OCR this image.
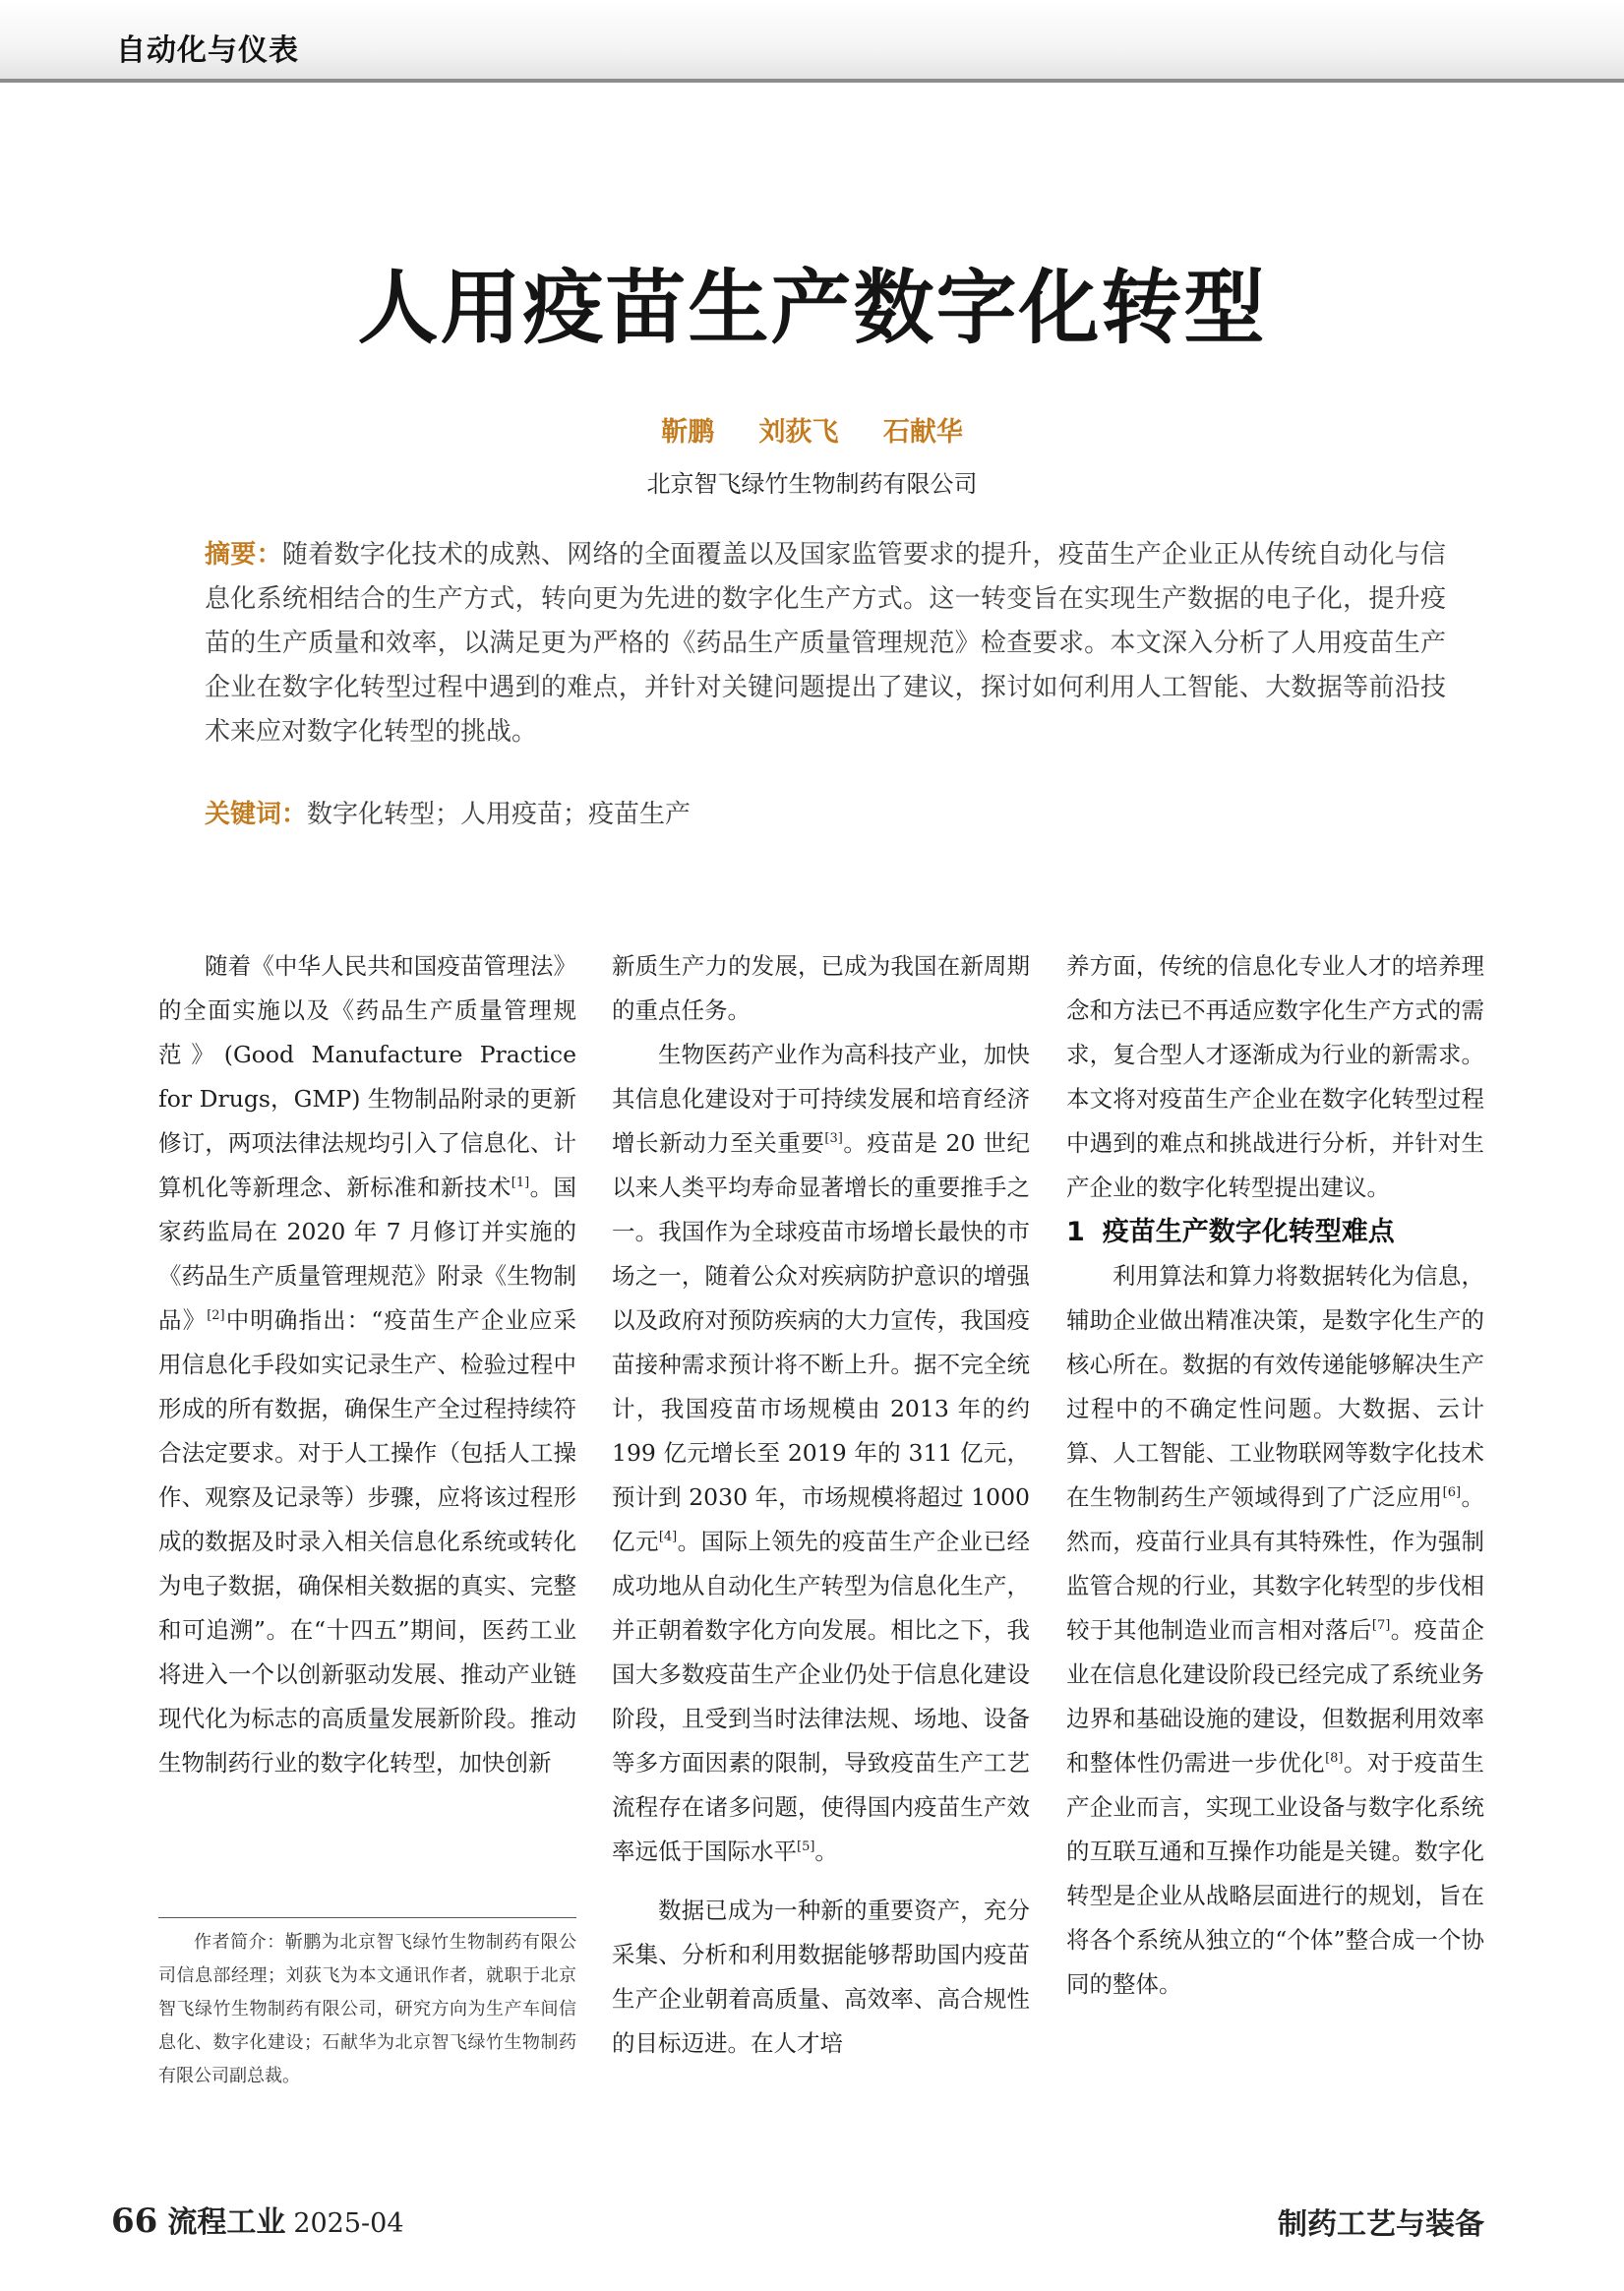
自动化与仪表
人用疫苗生产数字化转型
靳鹏 刘荻飞 石献华
北京智飞绿竹生物制药有限公司
摘要：随着数字化技术的成熟、网络的全面覆盖以及国家监管要求的提升，疫苗生产企业正从传统自动化与信息化系统相结合的生产方式，转向更为先进的数字化生产方式。这一转变旨在实现生产数据的电子化，提升疫苗的生产质量和效率，以满足更为严格的《药品生产质量管理规范》检查要求。本文深入分析了人用疫苗生产企业在数字化转型过程中遇到的难点，并针对关键问题提出了建议，探讨如何利用人工智能、大数据等前沿技术来应对数字化转型的挑战。
关键词：数字化转型；人用疫苗；疫苗生产

随着《中华人民共和国疫苗管理法》的全面实施以及《药品生产质量管理规范》(Good Manufacture Practice for Drugs，GMP) 生物制品附录的更新修订，两项法律法规均引入了信息化、计算机化等新理念、新标准和新技术[1]。国家药监局在 2020 年 7 月修订并实施的《药品生产质量管理规范》附录《生物制品》[2]中明确指出：“疫苗生产企业应采用信息化手段如实记录生产、检验过程中形成的所有数据，确保生产全过程持续符合法定要求。对于人工操作（包括人工操作、观察及记录等）步骤，应将该过程形成的数据及时录入相关信息化系统或转化为电子数据，确保相关数据的真实、完整和可追溯”。在“十四五”期间，医药工业将进入一个以创新驱动发展、推动产业链现代化为标志的高质量发展新阶段。推动生物制药行业的数字化转型，加快创新

新质生产力的发展，已成为我国在新周期的重点任务。

生物医药产业作为高科技产业，加快其信息化建设对于可持续发展和培育经济增长新动力至关重要[3]。疫苗是 20 世纪以来人类平均寿命显著增长的重要推手之一。我国作为全球疫苗市场增长最快的市场之一，随着公众对疾病防护意识的增强以及政府对预防疾病的大力宣传，我国疫苗接种需求预计将不断上升。据不完全统计，我国疫苗市场规模由 2013 年的约 199 亿元增长至 2019 年的 311 亿元，预计到 2030 年，市场规模将超过 1000 亿元[4]。国际上领先的疫苗生产企业已经成功地从自动化生产转型为信息化生产，并正朝着数字化方向发展。相比之下，我国大多数疫苗生产企业仍处于信息化建设阶段，且受到当时法律法规、场地、设备等多方面因素的限制，导致疫苗生产工艺流程存在诸多问题，使得国内疫苗生产效率远低于国际水平[5]。

数据已成为一种新的重要资产，充分采集、分析和利用数据能够帮助国内疫苗生产企业朝着高质量、高效率、高合规性的目标迈进。在人才培

养方面，传统的信息化专业人才的培养理念和方法已不再适应数字化生产方式的需求，复合型人才逐渐成为行业的新需求。本文将对疫苗生产企业在数字化转型过程中遇到的难点和挑战进行分析，并针对生产企业的数字化转型提出建议。

1 疫苗生产数字化转型难点

利用算法和算力将数据转化为信息，辅助企业做出精准决策，是数字化生产的核心所在。数据的有效传递能够解决生产过程中的不确定性问题。大数据、云计算、人工智能、工业物联网等数字化技术在生物制药生产领域得到了广泛应用[6]。然而，疫苗行业具有其特殊性，作为强制监管合规的行业，其数字化转型的步伐相较于其他制造业而言相对落后[7]。疫苗企业在信息化建设阶段已经完成了系统业务边界和基础设施的建设，但数据利用效率和整体性仍需进一步优化[8]。对于疫苗生产企业而言，实现工业设备与数字化系统的互联互通和互操作功能是关键。数字化转型是企业从战略层面进行的规划，旨在将各个系统从独立的“个体”整合成一个协同的整体。

作者简介：靳鹏为北京智飞绿竹生物制药有限公司信息部经理；刘荻飞为本文通讯作者，就职于北京智飞绿竹生物制药有限公司，研究方向为生产车间信息化、数字化建设；石献华为北京智飞绿竹生物制药有限公司副总裁。

66 流程工业 2025-04	制药工艺与装备
